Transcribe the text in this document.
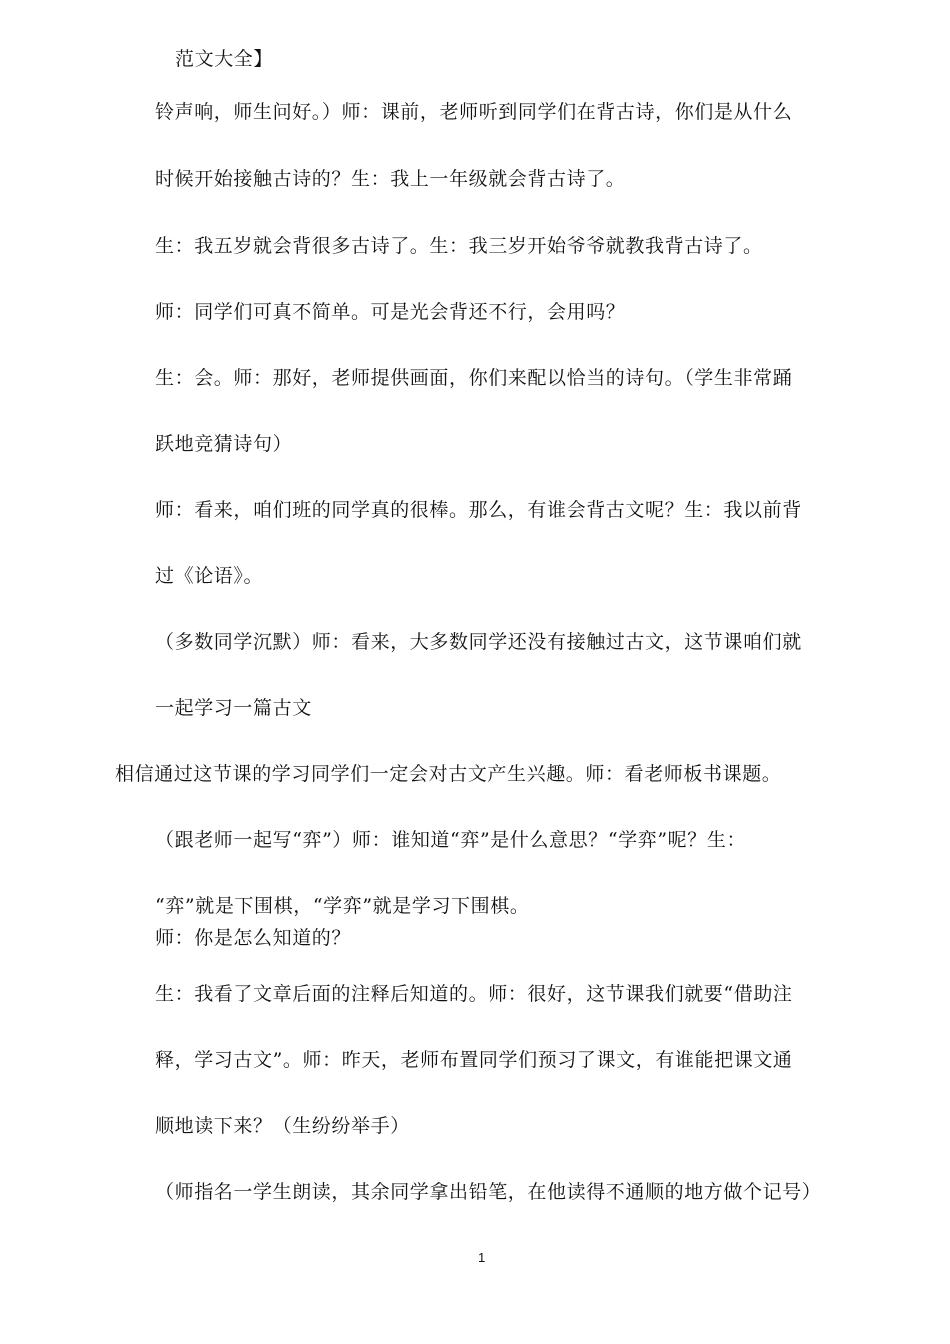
范文大全】
铃声响，师生问好。）师：课前，老师听到同学们在背古诗，你们是从什么
时候开始接触古诗的？生：我上一年级就会背古诗了。
生：我五岁就会背很多古诗了。生：我三岁开始爷爷就教我背古诗了。
师：同学们可真不简单。可是光会背还不行，会用吗？
生：会。师：那好，老师提供画面，你们来配以恰当的诗句。（学生非常踊
跃地竞猜诗句）
师：看来，咱们班的同学真的很棒。那么，有谁会背古文呢？生：我以前背
过《论语》。
（多数同学沉默）师：看来，大多数同学还没有接触过古文，这节课咱们就
一起学习一篇古文
相信通过这节课的学习同学们一定会对古文产生兴趣。师：看老师板书课题。
（跟老师一起写“弈”）师：谁知道“弈”是什么意思？“学弈”呢？生：
“弈”就是下围棋，“学弈”就是学习下围棋。
师：你是怎么知道的？
生：我看了文章后面的注释后知道的。师：很好，这节课我们就要“借助注
释，学习古文”。师：昨天，老师布置同学们预习了课文，有谁能把课文通
顺地读下来？（生纷纷举手）
（师指名一学生朗读，其余同学拿出铅笔，在他读得不通顺的地方做个记号）
1
